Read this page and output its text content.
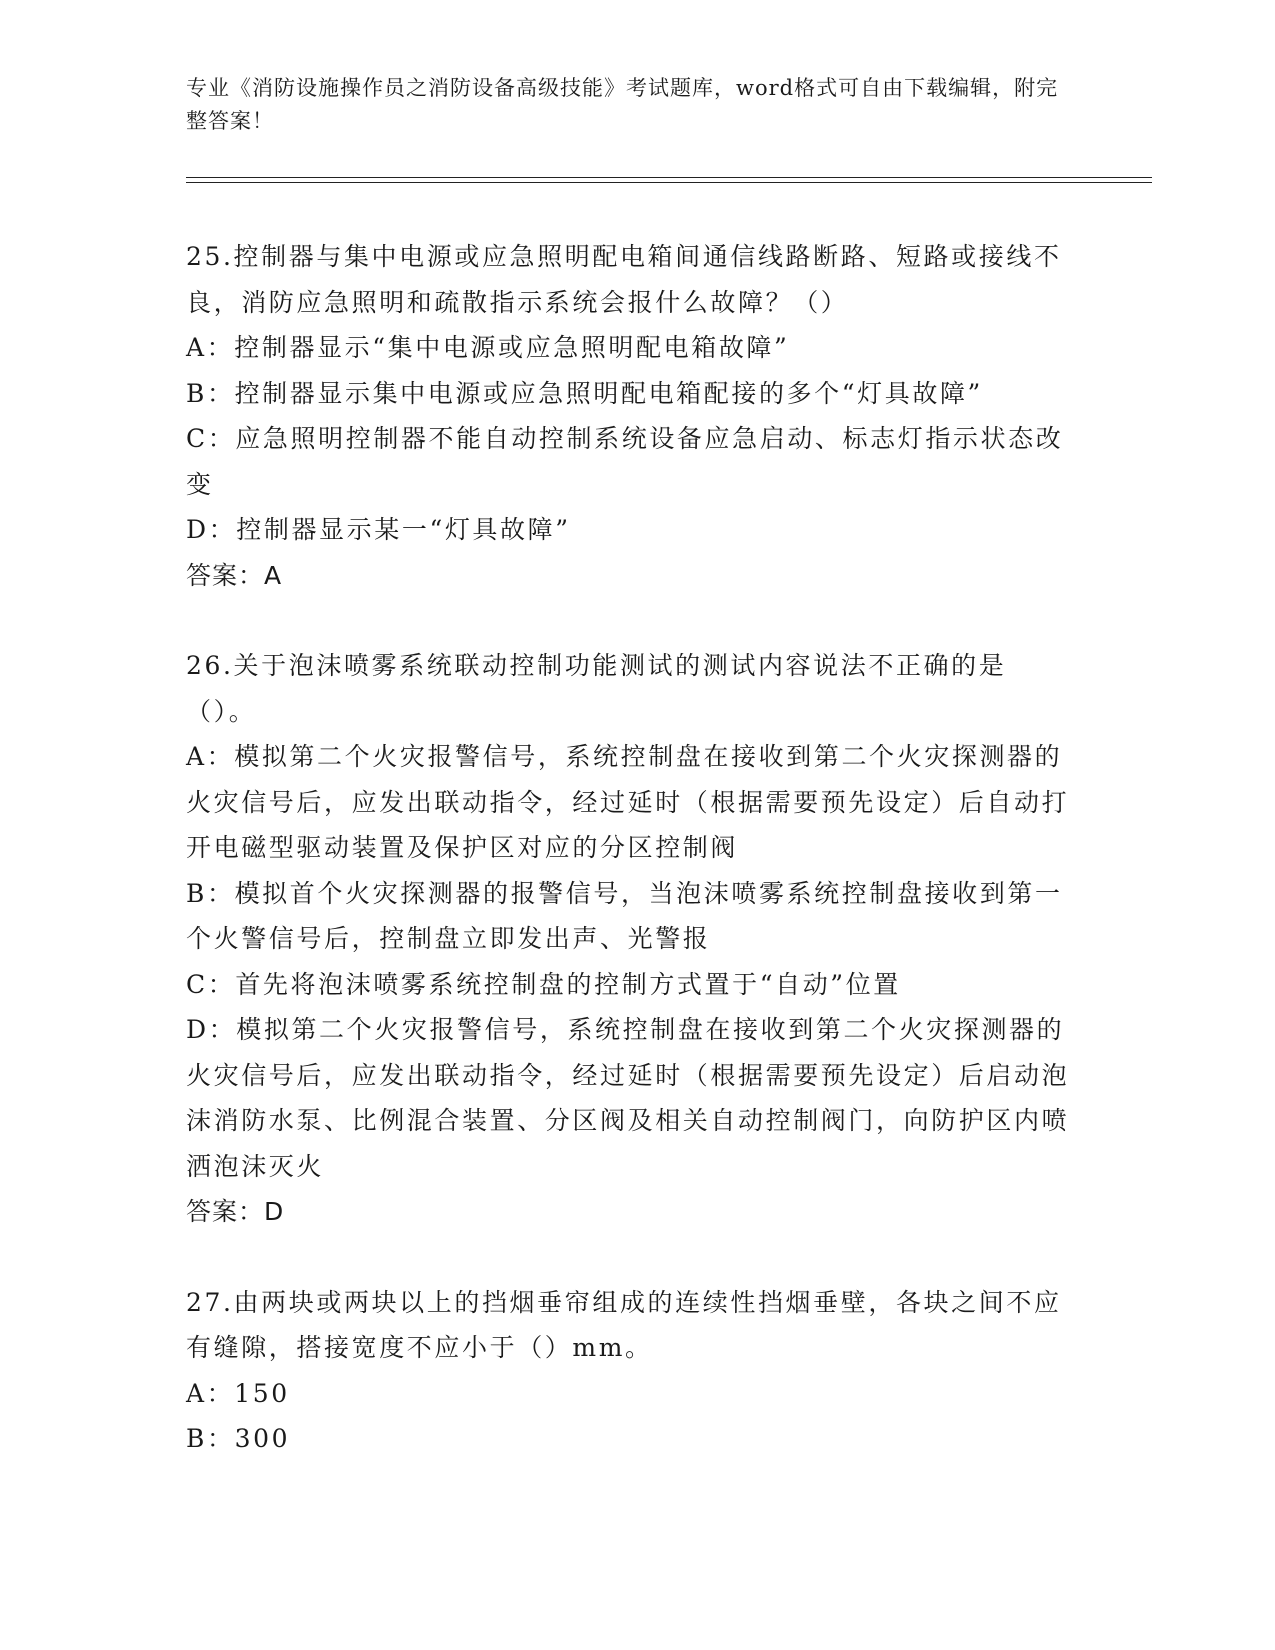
专业《消防设施操作员之消防设备高级技能》考试题库，word格式可自由下载编辑，附完整答案！

25.控制器与集中电源或应急照明配电箱间通信线路断路、短路或接线不良，消防应急照明和疏散指示系统会报什么故障？（）

A：控制器显示“集中电源或应急照明配电箱故障”

B：控制器显示集中电源或应急照明配电箱配接的多个“灯具故障”

C：应急照明控制器不能自动控制系统设备应急启动、标志灯指示状态改变

D：控制器显示某一“灯具故障”

答案：A

26.关于泡沫喷雾系统联动控制功能测试的测试内容说法不正确的是（）。

A：模拟第二个火灾报警信号，系统控制盘在接收到第二个火灾探测器的火灾信号后，应发出联动指令，经过延时（根据需要预先设定）后自动打开电磁型驱动装置及保护区对应的分区控制阀

B：模拟首个火灾探测器的报警信号，当泡沫喷雾系统控制盘接收到第一个火警信号后，控制盘立即发出声、光警报

C：首先将泡沫喷雾系统控制盘的控制方式置于“自动”位置

D：模拟第二个火灾报警信号，系统控制盘在接收到第二个火灾探测器的火灾信号后，应发出联动指令，经过延时（根据需要预先设定）后启动泡沫消防水泵、比例混合装置、分区阀及相关自动控制阀门，向防护区内喷洒泡沫灭火

答案：D

27.由两块或两块以上的挡烟垂帘组成的连续性挡烟垂壁，各块之间不应有缝隙，搭接宽度不应小于（）mm。

A：150

B：300
